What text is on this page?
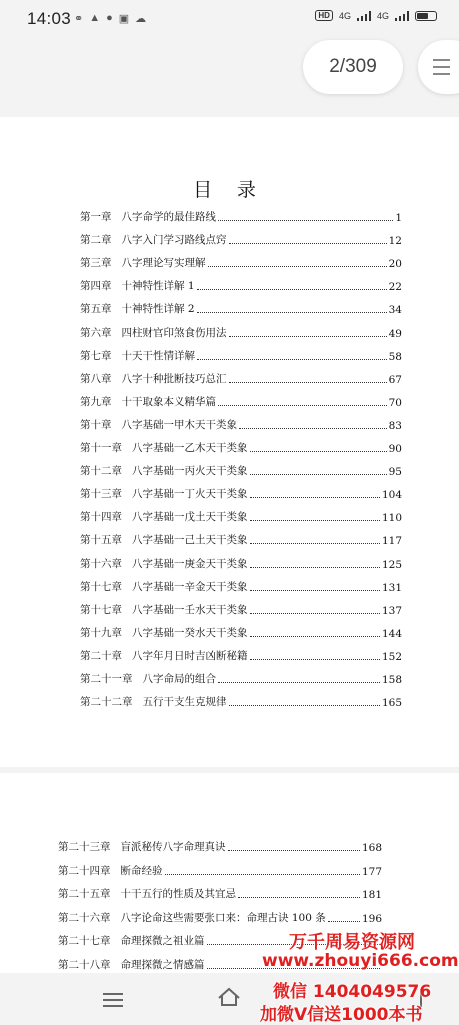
14:03 ⚭ ▲ ● ▣ ☁	HD	4G	4G
2/309
目 录
第一章 八字命学的最佳路线	1
第二章 八字入门学习路线点窍	12
第三章 八字理论写实理解	20
第四章 十神特性详解 1	22
第五章 十神特性详解 2	34
第六章 四柱财官印煞食伤用法	49
第七章 十天干性情详解	58
第八章 八字十种批断技巧总汇	67
第九章 十干取象本义精华篇	70
第十章 八字基础一甲木天干类象	83
第十一章 八字基础一乙木天干类象	90
第十二章 八字基础一丙火天干类象	95
第十三章 八字基础一丁火天干类象	104
第十四章 八字基础一戊土天干类象	110
第十五章 八字基础一己土天干类象	117
第十六章 八字基础一庚金天干类象	125
第十七章 八字基础一辛金天干类象	131
第十七章 八字基础一壬水天干类象	137
第十九章 八字基础一癸水天干类象	144
第二十章 八字年月日时吉凶断秘籍	152
第二十一章 八字命局的组合	158
第二十二章 五行干支生克规律	165
第二十三章 盲派秘传八字命理真诀	168
第二十四章 断命经验	177
第二十五章 十干五行的性质及其宜忌	181
第二十六章 八字论命这些需要张口来：命理古诀 100 条	196
第二十七章 命理探微之祖业篇
第二十八章 命理探微之情感篇
万千周易资源网
www.zhouyi666.com
微信 1404049576
加微V信送1000本书
